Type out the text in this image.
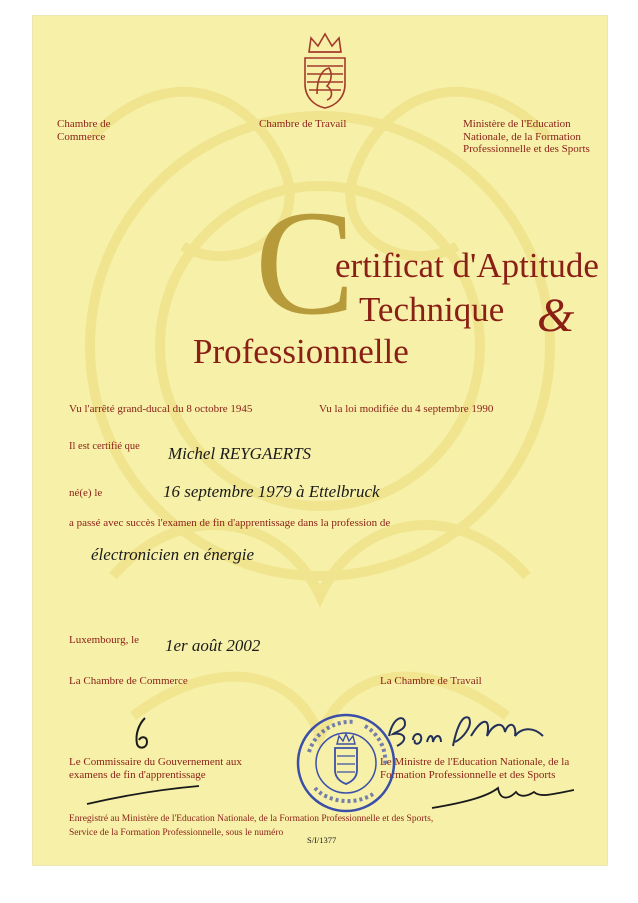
Chambre de Commerce
Chambre de Travail	Ministère de l'Education Nationale, de la Formation Professionnelle et des Sports
C
ertificat d'Aptitude
Technique &
Professionnelle
Vu l'arrêté grand-ducal du 8 octobre 1945	Vu la loi modifiée du 4 septembre 1990
Il est certifié que Michel REYGAERTS
né(e) le	16 septembre 1979 à Ettelbruck
a passé avec succès l'examen de fin d'apprentissage dans la profession de
électronicien en énergie
Luxembourg, le 1er août 2002
La Chambre de Commerce	La Chambre de Travail
Le Commissaire du Gouvernement aux examens de fin d'apprentissage
Le Ministre de l'Education Nationale, de la Formation Professionnelle et des Sports
Enregistré au Ministère de l'Education Nationale, de la Formation Professionnelle et des Sports,
Service de la Formation Professionnelle, sous le numéro
S/I/1377
